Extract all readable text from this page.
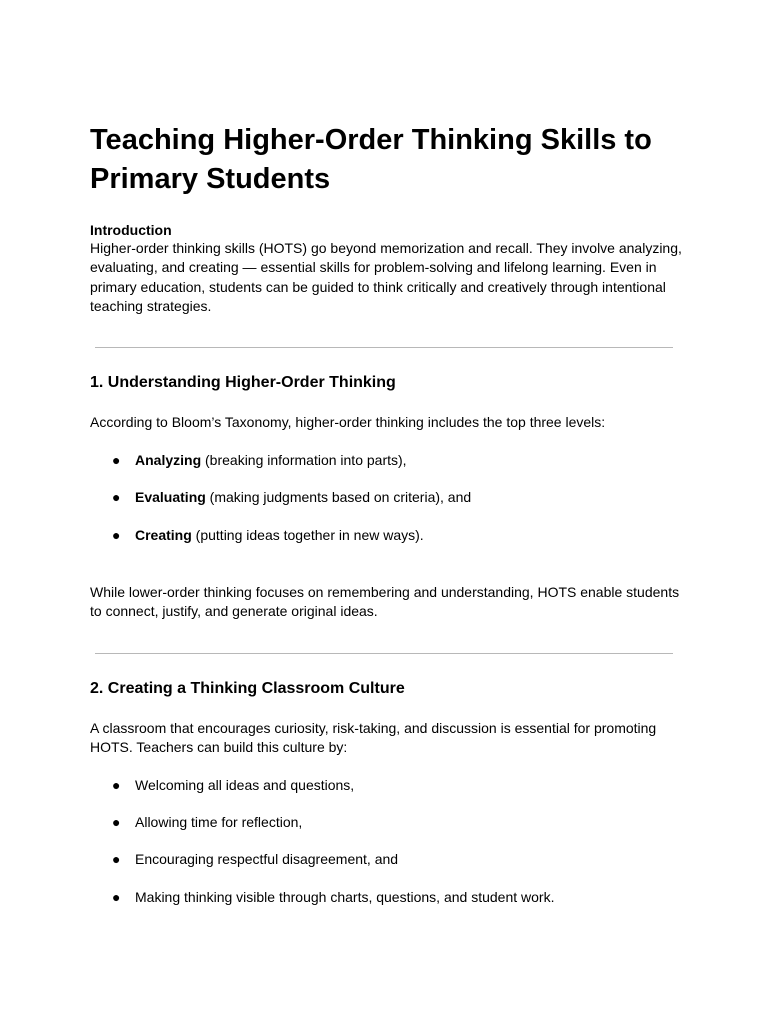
Teaching Higher-Order Thinking Skills to Primary Students
Introduction

Higher-order thinking skills (HOTS) go beyond memorization and recall. They involve analyzing, evaluating, and creating — essential skills for problem-solving and lifelong learning. Even in primary education, students can be guided to think critically and creatively through intentional teaching strategies.

1. Understanding Higher-Order Thinking

According to Bloom’s Taxonomy, higher-order thinking includes the top three levels:

● Analyzing (breaking information into parts),
● Evaluating (making judgments based on criteria), and
● Creating (putting ideas together in new ways).

While lower-order thinking focuses on remembering and understanding, HOTS enable students to connect, justify, and generate original ideas.

2. Creating a Thinking Classroom Culture

A classroom that encourages curiosity, risk-taking, and discussion is essential for promoting HOTS. Teachers can build this culture by:

● Welcoming all ideas and questions,
● Allowing time for reflection,
● Encouraging respectful disagreement, and
● Making thinking visible through charts, questions, and student work.
